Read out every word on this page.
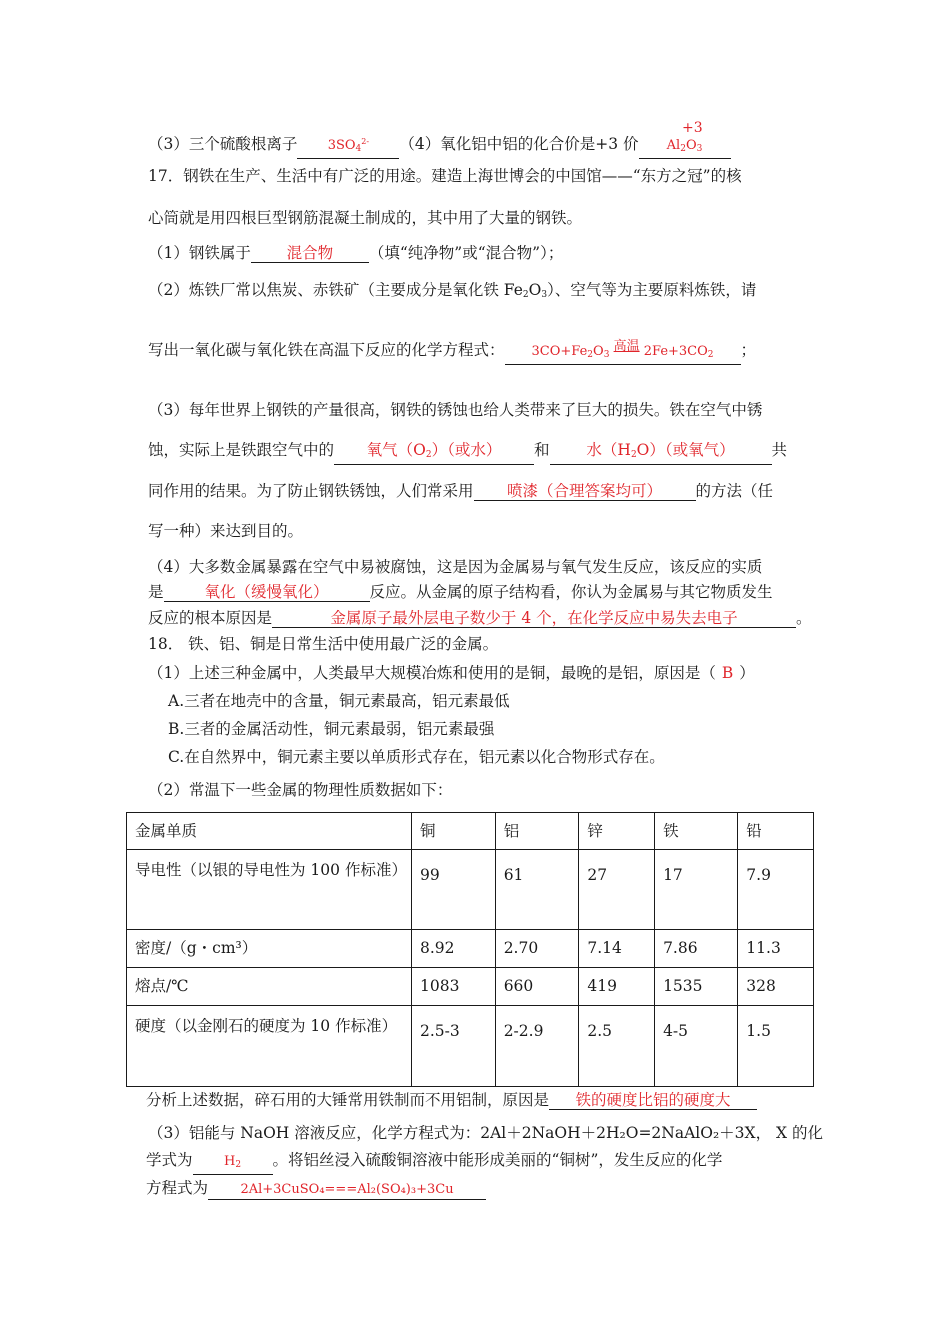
（3）三个硫酸根离子 $3SO_4^{2-}$ （4）氧化铝中铝的化合价是+3 价 $Al_2O_3$
+3
17．钢铁在生产、生活中有广泛的用途。建造上海世博会的中国馆——“东方之冠”的核
心筒就是用四根巨型钢筋混凝土制成的，其中用了大量的钢铁。
（1）钢铁属于 混合物 （填“纯净物”或“混合物”）；
（2）炼铁厂常以焦炭、赤铁矿（主要成分是氧化铁 $Fe_2O_3$）、空气等为主要原料炼铁，请
写出一氧化碳与氧化铁在高温下反应的化学方程式： $3CO+Fe_2O_3$ 高温 $2Fe+3CO_2$ ；
（3）每年世界上钢铁的产量很高，钢铁的锈蚀也给人类带来了巨大的损失。铁在空气中锈
蚀，实际上是铁跟空气中的 氧气$(O_2)$（或水） 和 水$(H_2O)$（或氧气） 共
同作用的结果。为了防止钢铁锈蚀，人们常采用 喷漆（合理答案均可） 的方法（任
写一种）来达到目的。
（4）大多数金属暴露在空气中易被腐蚀，这是因为金属易与氧气发生反应，该反应的实质
是	氧化（缓慢氧化）	反应。从金属的原子结构看，你认为金属易与其它物质发生
反应的根本原因是	金属原子最外层电子数少于 4 个，在化学反应中易失去电子	。
18． 铁、铝、铜是日常生活中使用最广泛的金属。
（1）上述三种金属中，人类最早大规模冶炼和使用的是铜，最晚的是铝，原因是（ B ）
A.三者在地壳中的含量，铜元素最高，铝元素最低
B.三者的金属活动性，铜元素最弱，铝元素最强
C.在自然界中，铜元素主要以单质形式存在，铝元素以化合物形式存在。
（2）常温下一些金属的物理性质数据如下：
金属单质	铜	铝	锌	铁	铅
导电性（以银的导电性为 100 作标准）	99	61	27	17	7.9
密度/（g・cm³）	8.92	2.70	7.14	7.86	11.3
熔点/℃	1083	660	419	1535	328
硬度（以金刚石的硬度为 10 作标准）	2.5-3	2-2.9	2.5	4-5	1.5
分析上述数据，碎石用的大锤常用铁制而不用铝制，原因是 铁的硬度比铝的硬度大
（3）铝能与 NaOH 溶液反应，化学方程式为：2Al＋2NaOH＋2H₂O=2NaAlO₂＋3X， X 的化
学式为 $H_2$ 。将铝丝浸入硫酸铜溶液中能形成美丽的“铜树”，发生反应的化学
方程式为 2Al+3CuSO₄===Al₂(SO₄)₃+3Cu
